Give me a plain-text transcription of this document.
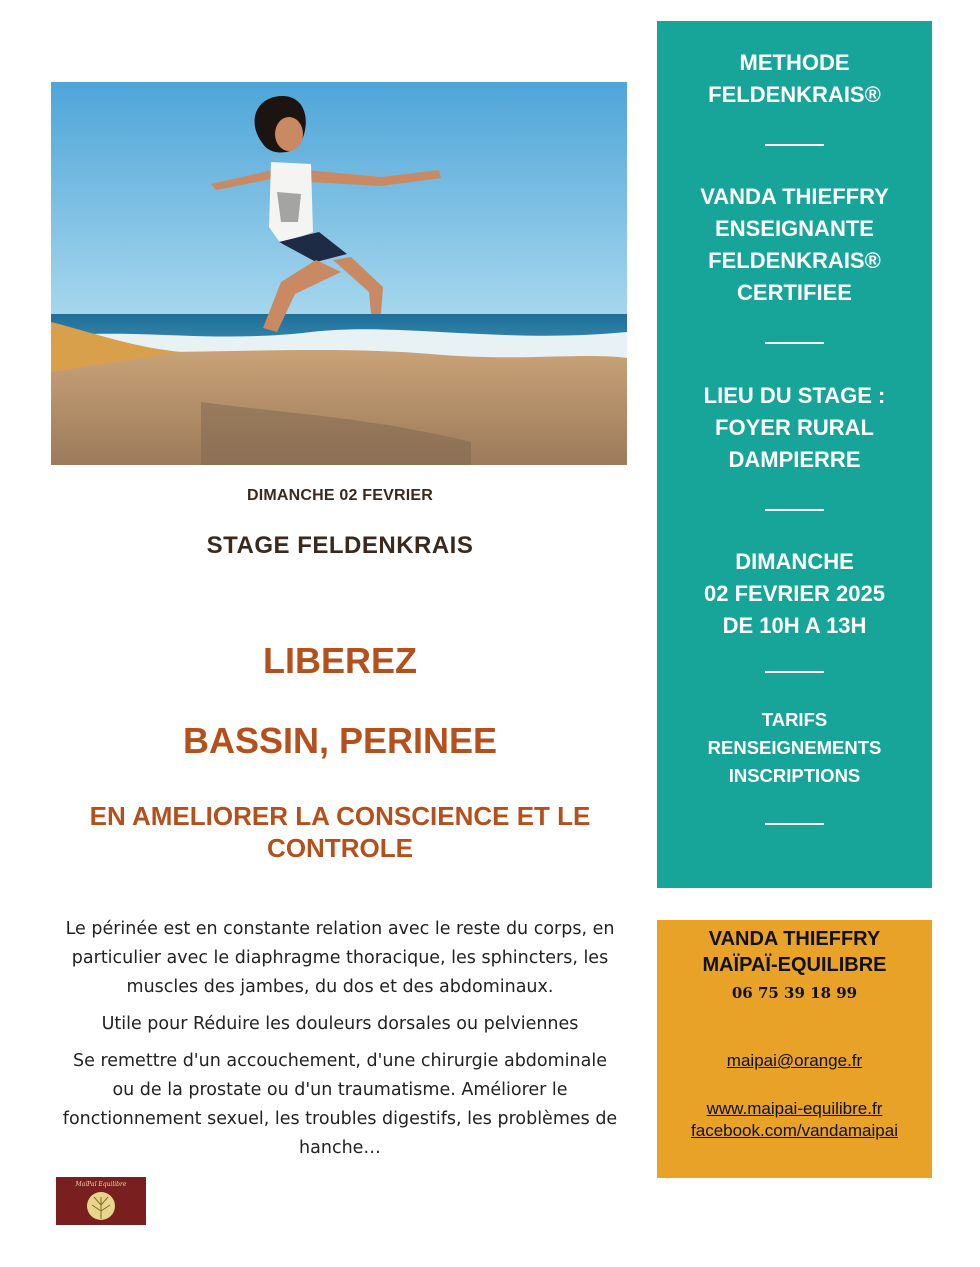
DIMANCHE 02 FEVRIER
STAGE FELDENKRAIS
LIBEREZ
BASSIN, PERINEE
EN AMELIORER LA CONSCIENCE ET LE
CONTROLE

Le périnée est en constante relation avec le reste du corps, en
particulier avec le diaphragme thoracique, les sphincters, les
muscles des jambes, du dos et des abdominaux.

Utile pour Réduire les douleurs dorsales ou pelviennes

Se remettre d'un accouchement, d'une chirurgie abdominale
ou de la prostate ou d'un traumatisme. Améliorer le
fonctionnement sexuel, les troubles digestifs, les problèmes de
hanche…

MaïPaï Equilibre
METHODE
FELDENKRAIS®
VANDA THIEFFRY
ENSEIGNANTE
FELDENKRAIS®
CERTIFIEE
LIEU DU STAGE :
FOYER RURAL
DAMPIERRE
DIMANCHE
02 FEVRIER 2025
DE 10H A 13H
TARIFS
RENSEIGNEMENTS
INSCRIPTIONS
VANDA THIEFFRY
MAÏPAÏ-EQUILIBRE
06 75 39 18 99
maipai@orange.fr
www.maipai-equilibre.fr
facebook.com/vandamaipai
